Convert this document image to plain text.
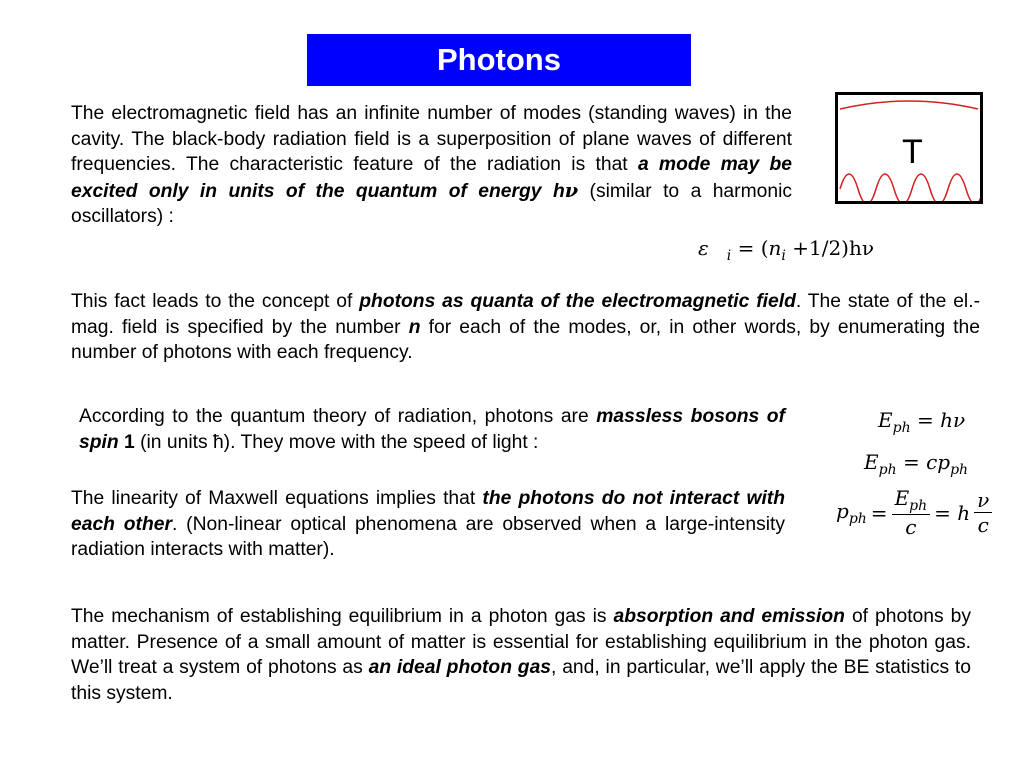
Photons
The electromagnetic field has an infinite number of modes (standing waves) in the cavity. The black-body radiation field is a superposition of plane waves of different frequencies. The characteristic feature of the radiation is that a mode may be excited only in units of the quantum of energy hν (similar to a harmonic oscillators) :
T
ε $_i = (n_i +1/2)h\nu$
This fact leads to the concept of photons as quanta of the electromagnetic field. The state of the el.-mag. field is specified by the number n for each of the modes, or, in other words, by enumerating the number of photons with each frequency.
According to the quantum theory of radiation, photons are massless bosons of spin 1 (in units ħ). They move with the speed of light :
$E_{ph} = h\nu$
$E_{ph} = cp_{ph}$
$p_{ph} = \frac{E_{ph}}{c} = h \frac{\nu}{c}$
The linearity of Maxwell equations implies that the photons do not interact with each other. (Non-linear optical phenomena are observed when a large-intensity radiation interacts with matter).
The mechanism of establishing equilibrium in a photon gas is absorption and emission of photons by matter. Presence of a small amount of matter is essential for establishing equilibrium in the photon gas. We’ll treat a system of photons as an ideal photon gas, and, in particular, we’ll apply the BE statistics to this system.
